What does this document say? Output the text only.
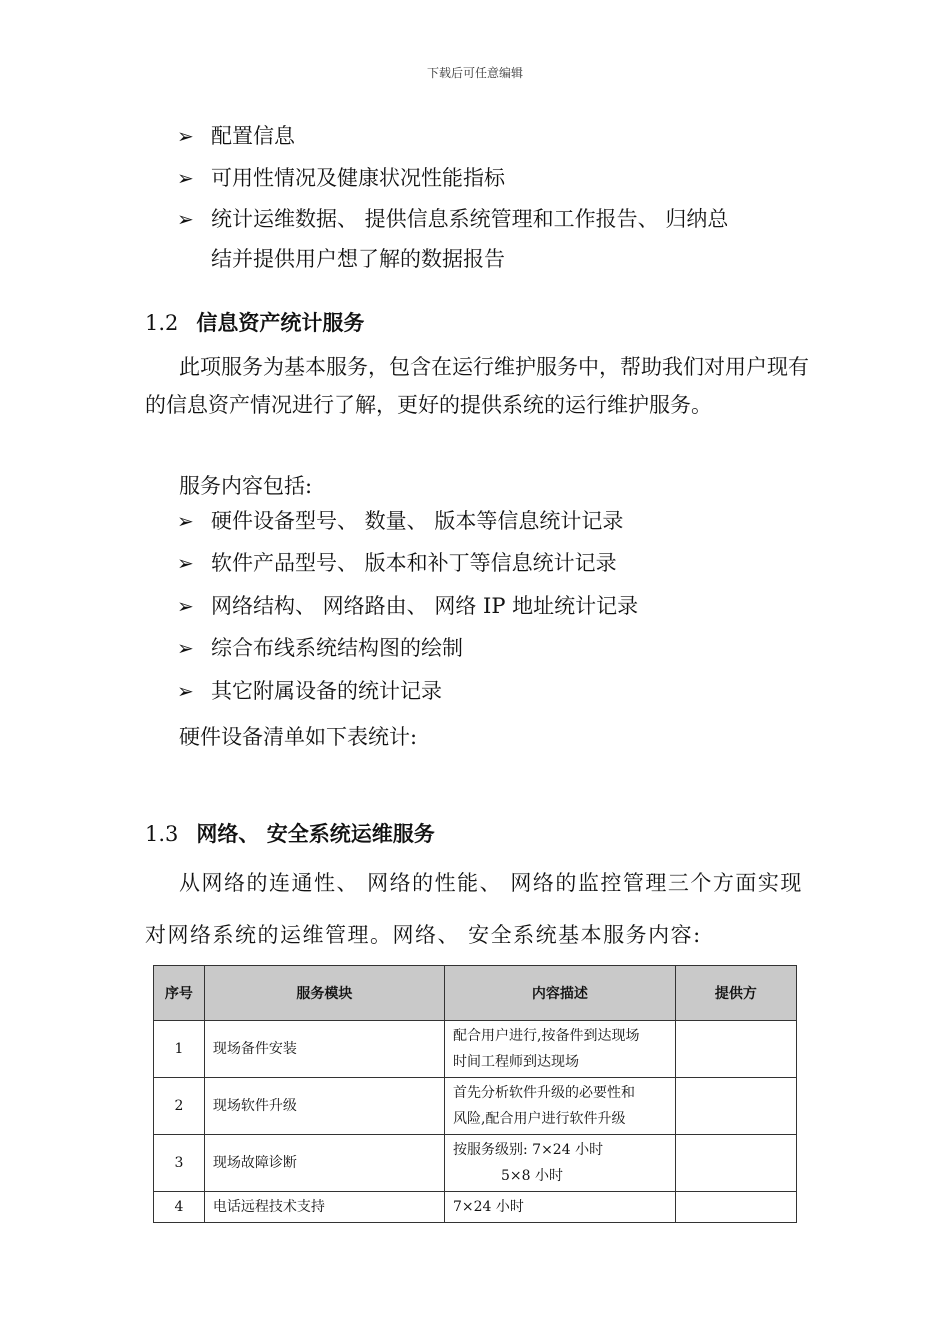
下载后可任意编辑
➢ 配置信息
➢ 可用性情况及健康状况性能指标
➢ 统计运维数据、 提供信息系统管理和工作报告、 归纳总
结并提供用户想了解的数据报告
1.2 信息资产统计服务
此项服务为基本服务，包含在运行维护服务中，帮助我们对用户现有的信息资产情况进行了解，更好的提供系统的运行维护服务。
服务内容包括:
➢ 硬件设备型号、 数量、 版本等信息统计记录
➢ 软件产品型号、 版本和补丁等信息统计记录
➢ 网络结构、 网络路由、 网络 IP 地址统计记录
➢ 综合布线系统结构图的绘制
➢ 其它附属设备的统计记录
硬件设备清单如下表统计:
1.3 网络、 安全系统运维服务
从网络的连通性、 网络的性能、 网络的监控管理三个方面实现对网络系统的运维管理。网络、 安全系统基本服务内容:
序号	服务模块	内容描述	提供方
1	现场备件安装	配合用户进行,按备件到达现场
时间工程师到达现场	

2	现场软件升级	首先分析软件升级的必要性和
风险,配合用户进行软件升级	

3	现场故障诊断	按服务级别: 7×24 小时
5×8 小时	

4	电话远程技术支持	7×24 小时	
